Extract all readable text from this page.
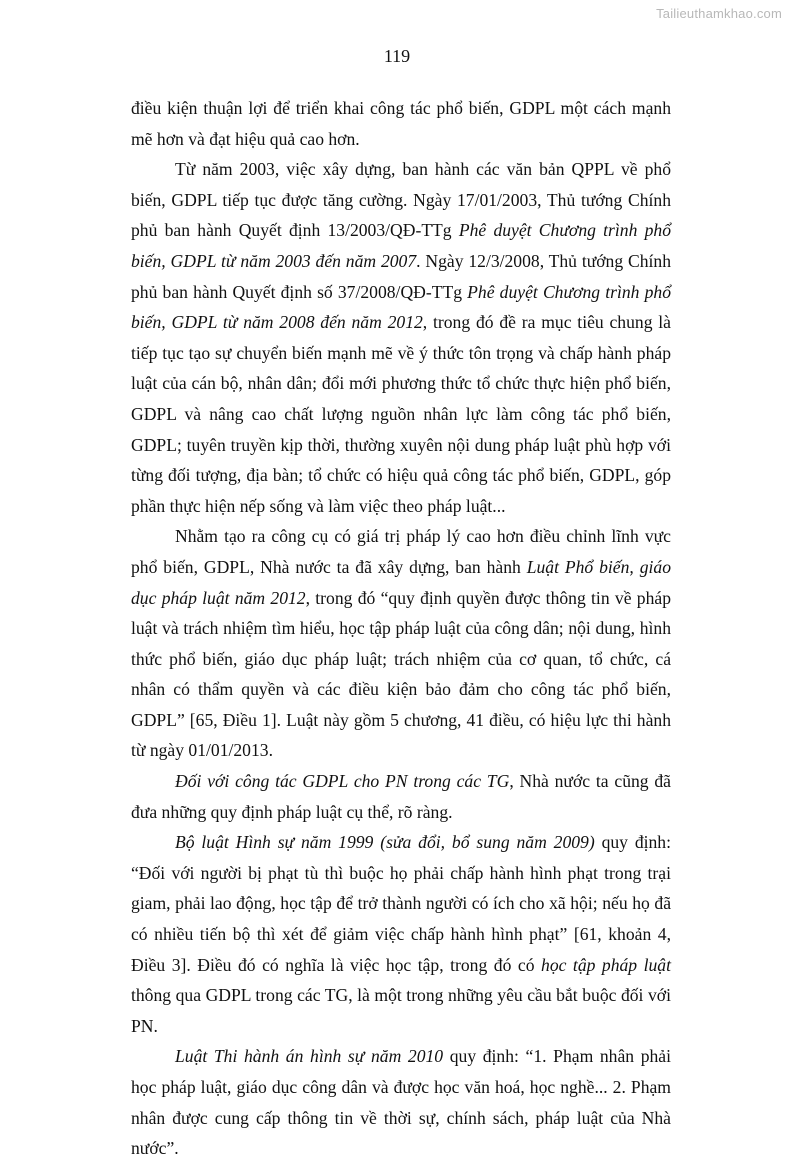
Tailieuthamkhao.com
119

điều kiện thuận lợi để triển khai công tác phổ biến, GDPL một cách mạnh mẽ hơn và đạt hiệu quả cao hơn.

Từ năm 2003, việc xây dựng, ban hành các văn bản QPPL về phổ biến, GDPL tiếp tục được tăng cường. Ngày 17/01/2003, Thủ tướng Chính phủ ban hành Quyết định 13/2003/QĐ-TTg Phê duyệt Chương trình phổ biến, GDPL từ năm 2003 đến năm 2007. Ngày 12/3/2008, Thủ tướng Chính phủ ban hành Quyết định số 37/2008/QĐ-TTg Phê duyệt Chương trình phổ biến, GDPL từ năm 2008 đến năm 2012, trong đó đề ra mục tiêu chung là tiếp tục tạo sự chuyển biến mạnh mẽ về ý thức tôn trọng và chấp hành pháp luật của cán bộ, nhân dân; đổi mới phương thức tổ chức thực hiện phổ biến, GDPL và nâng cao chất lượng nguồn nhân lực làm công tác phổ biến, GDPL; tuyên truyền kịp thời, thường xuyên nội dung pháp luật phù hợp với từng đối tượng, địa bàn; tổ chức có hiệu quả công tác phổ biến, GDPL, góp phần thực hiện nếp sống và làm việc theo pháp luật...

Nhằm tạo ra công cụ có giá trị pháp lý cao hơn điều chỉnh lĩnh vực phổ biến, GDPL, Nhà nước ta đã xây dựng, ban hành Luật Phổ biến, giáo dục pháp luật năm 2012, trong đó “quy định quyền được thông tin về pháp luật và trách nhiệm tìm hiểu, học tập pháp luật của công dân; nội dung, hình thức phổ biến, giáo dục pháp luật; trách nhiệm của cơ quan, tổ chức, cá nhân có thẩm quyền và các điều kiện bảo đảm cho công tác phổ biến, GDPL” [65, Điều 1]. Luật này gồm 5 chương, 41 điều, có hiệu lực thi hành từ ngày 01/01/2013.

Đối với công tác GDPL cho PN trong các TG, Nhà nước ta cũng đã đưa những quy định pháp luật cụ thể, rõ ràng.

Bộ luật Hình sự năm 1999 (sửa đổi, bổ sung năm 2009) quy định: “Đối với người bị phạt tù thì buộc họ phải chấp hành hình phạt trong trại giam, phải lao động, học tập để trở thành người có ích cho xã hội; nếu họ đã có nhiều tiến bộ thì xét để giảm việc chấp hành hình phạt” [61, khoản 4, Điều 3]. Điều đó có nghĩa là việc học tập, trong đó có học tập pháp luật thông qua GDPL trong các TG, là một trong những yêu cầu bắt buộc đối với PN.

Luật Thi hành án hình sự năm 2010 quy định: “1. Phạm nhân phải học pháp luật, giáo dục công dân và được học văn hoá, học nghề... 2. Phạm nhân được cung cấp thông tin về thời sự, chính sách, pháp luật của Nhà nước”.
